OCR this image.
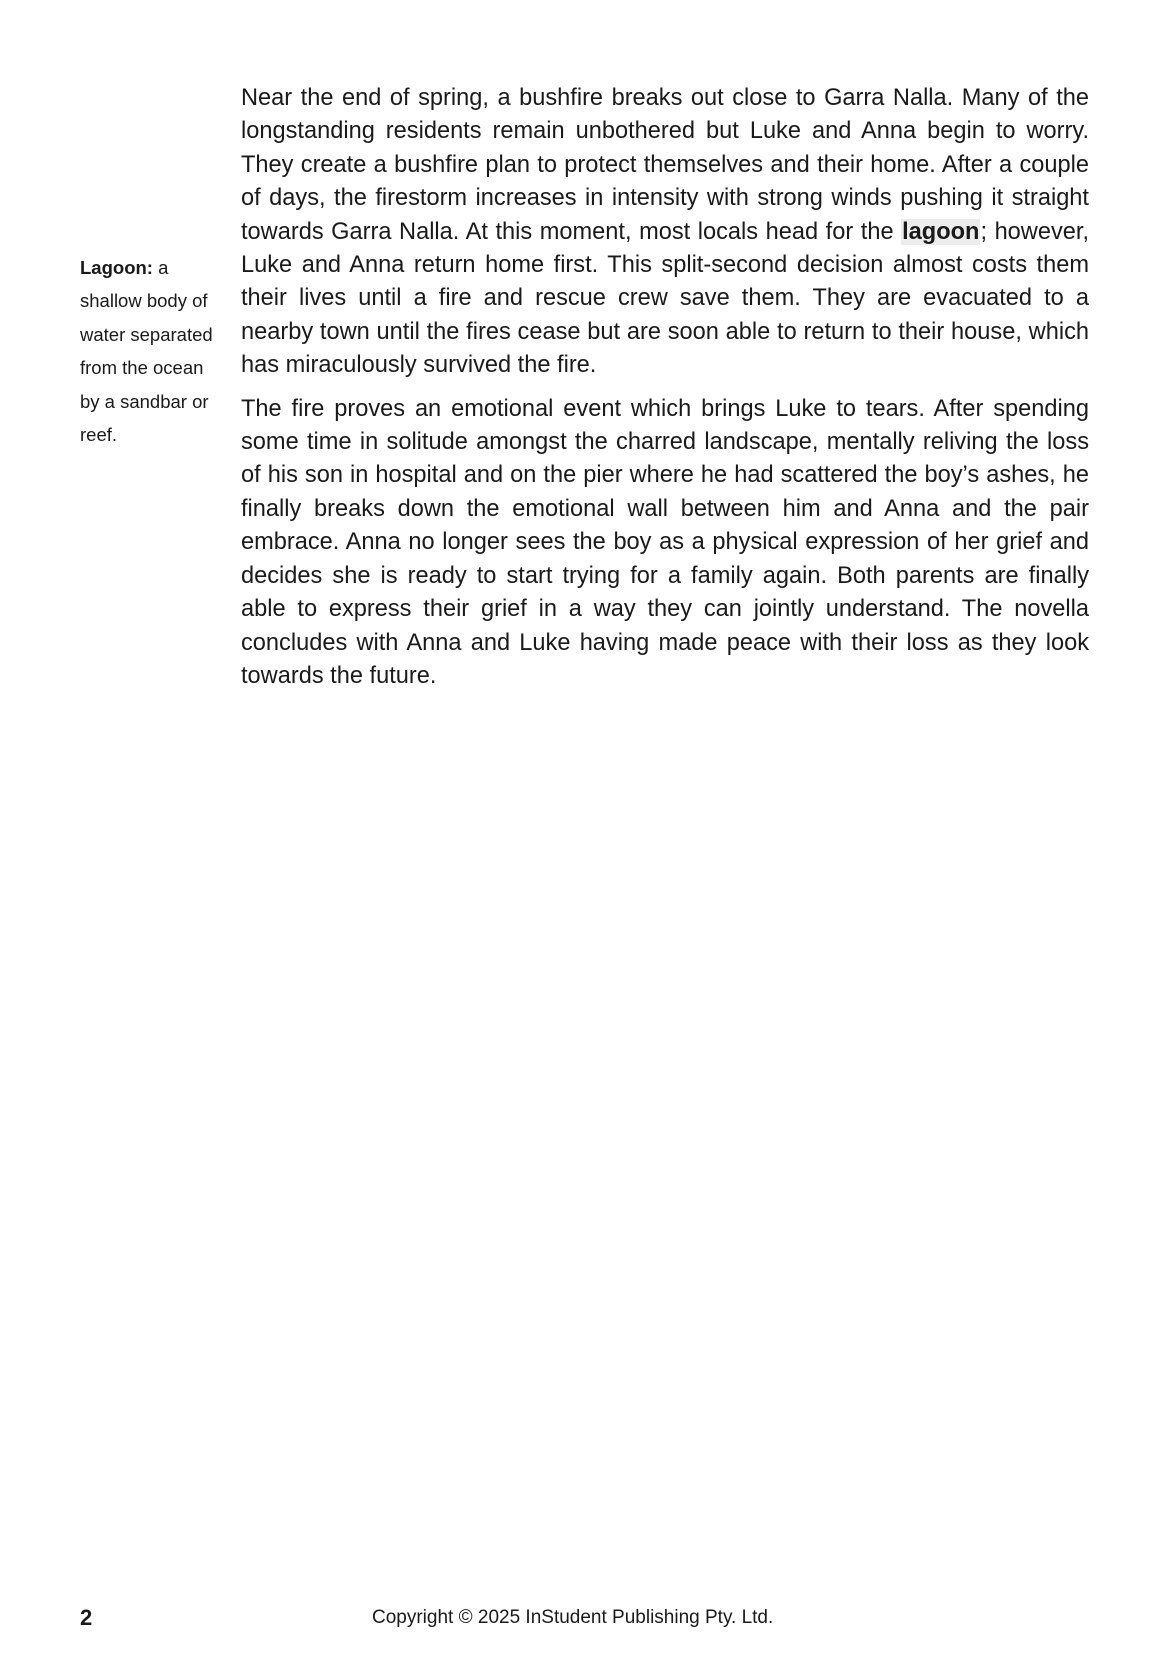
Lagoon: a shallow body of water separated from the ocean by a sandbar or reef.

Near the end of spring, a bushfire breaks out close to Garra Nalla. Many of the longstanding residents remain unbothered but Luke and Anna begin to worry. They create a bushfire plan to protect themselves and their home. After a couple of days, the firestorm increases in intensity with strong winds pushing it straight towards Garra Nalla. At this moment, most locals head for the lagoon; however, Luke and Anna return home first. This split-second decision almost costs them their lives until a fire and rescue crew save them. They are evacuated to a nearby town until the fires cease but are soon able to return to their house, which has miraculously survived the fire.

The fire proves an emotional event which brings Luke to tears. After spending some time in solitude amongst the charred landscape, mentally reliving the loss of his son in hospital and on the pier where he had scattered the boy’s ashes, he finally breaks down the emotional wall between him and Anna and the pair embrace. Anna no longer sees the boy as a physical expression of her grief and decides she is ready to start trying for a family again. Both parents are finally able to express their grief in a way they can jointly understand. The novella concludes with Anna and Luke having made peace with their loss as they look towards the future.

2	Copyright © 2025 InStudent Publishing Pty. Ltd.
